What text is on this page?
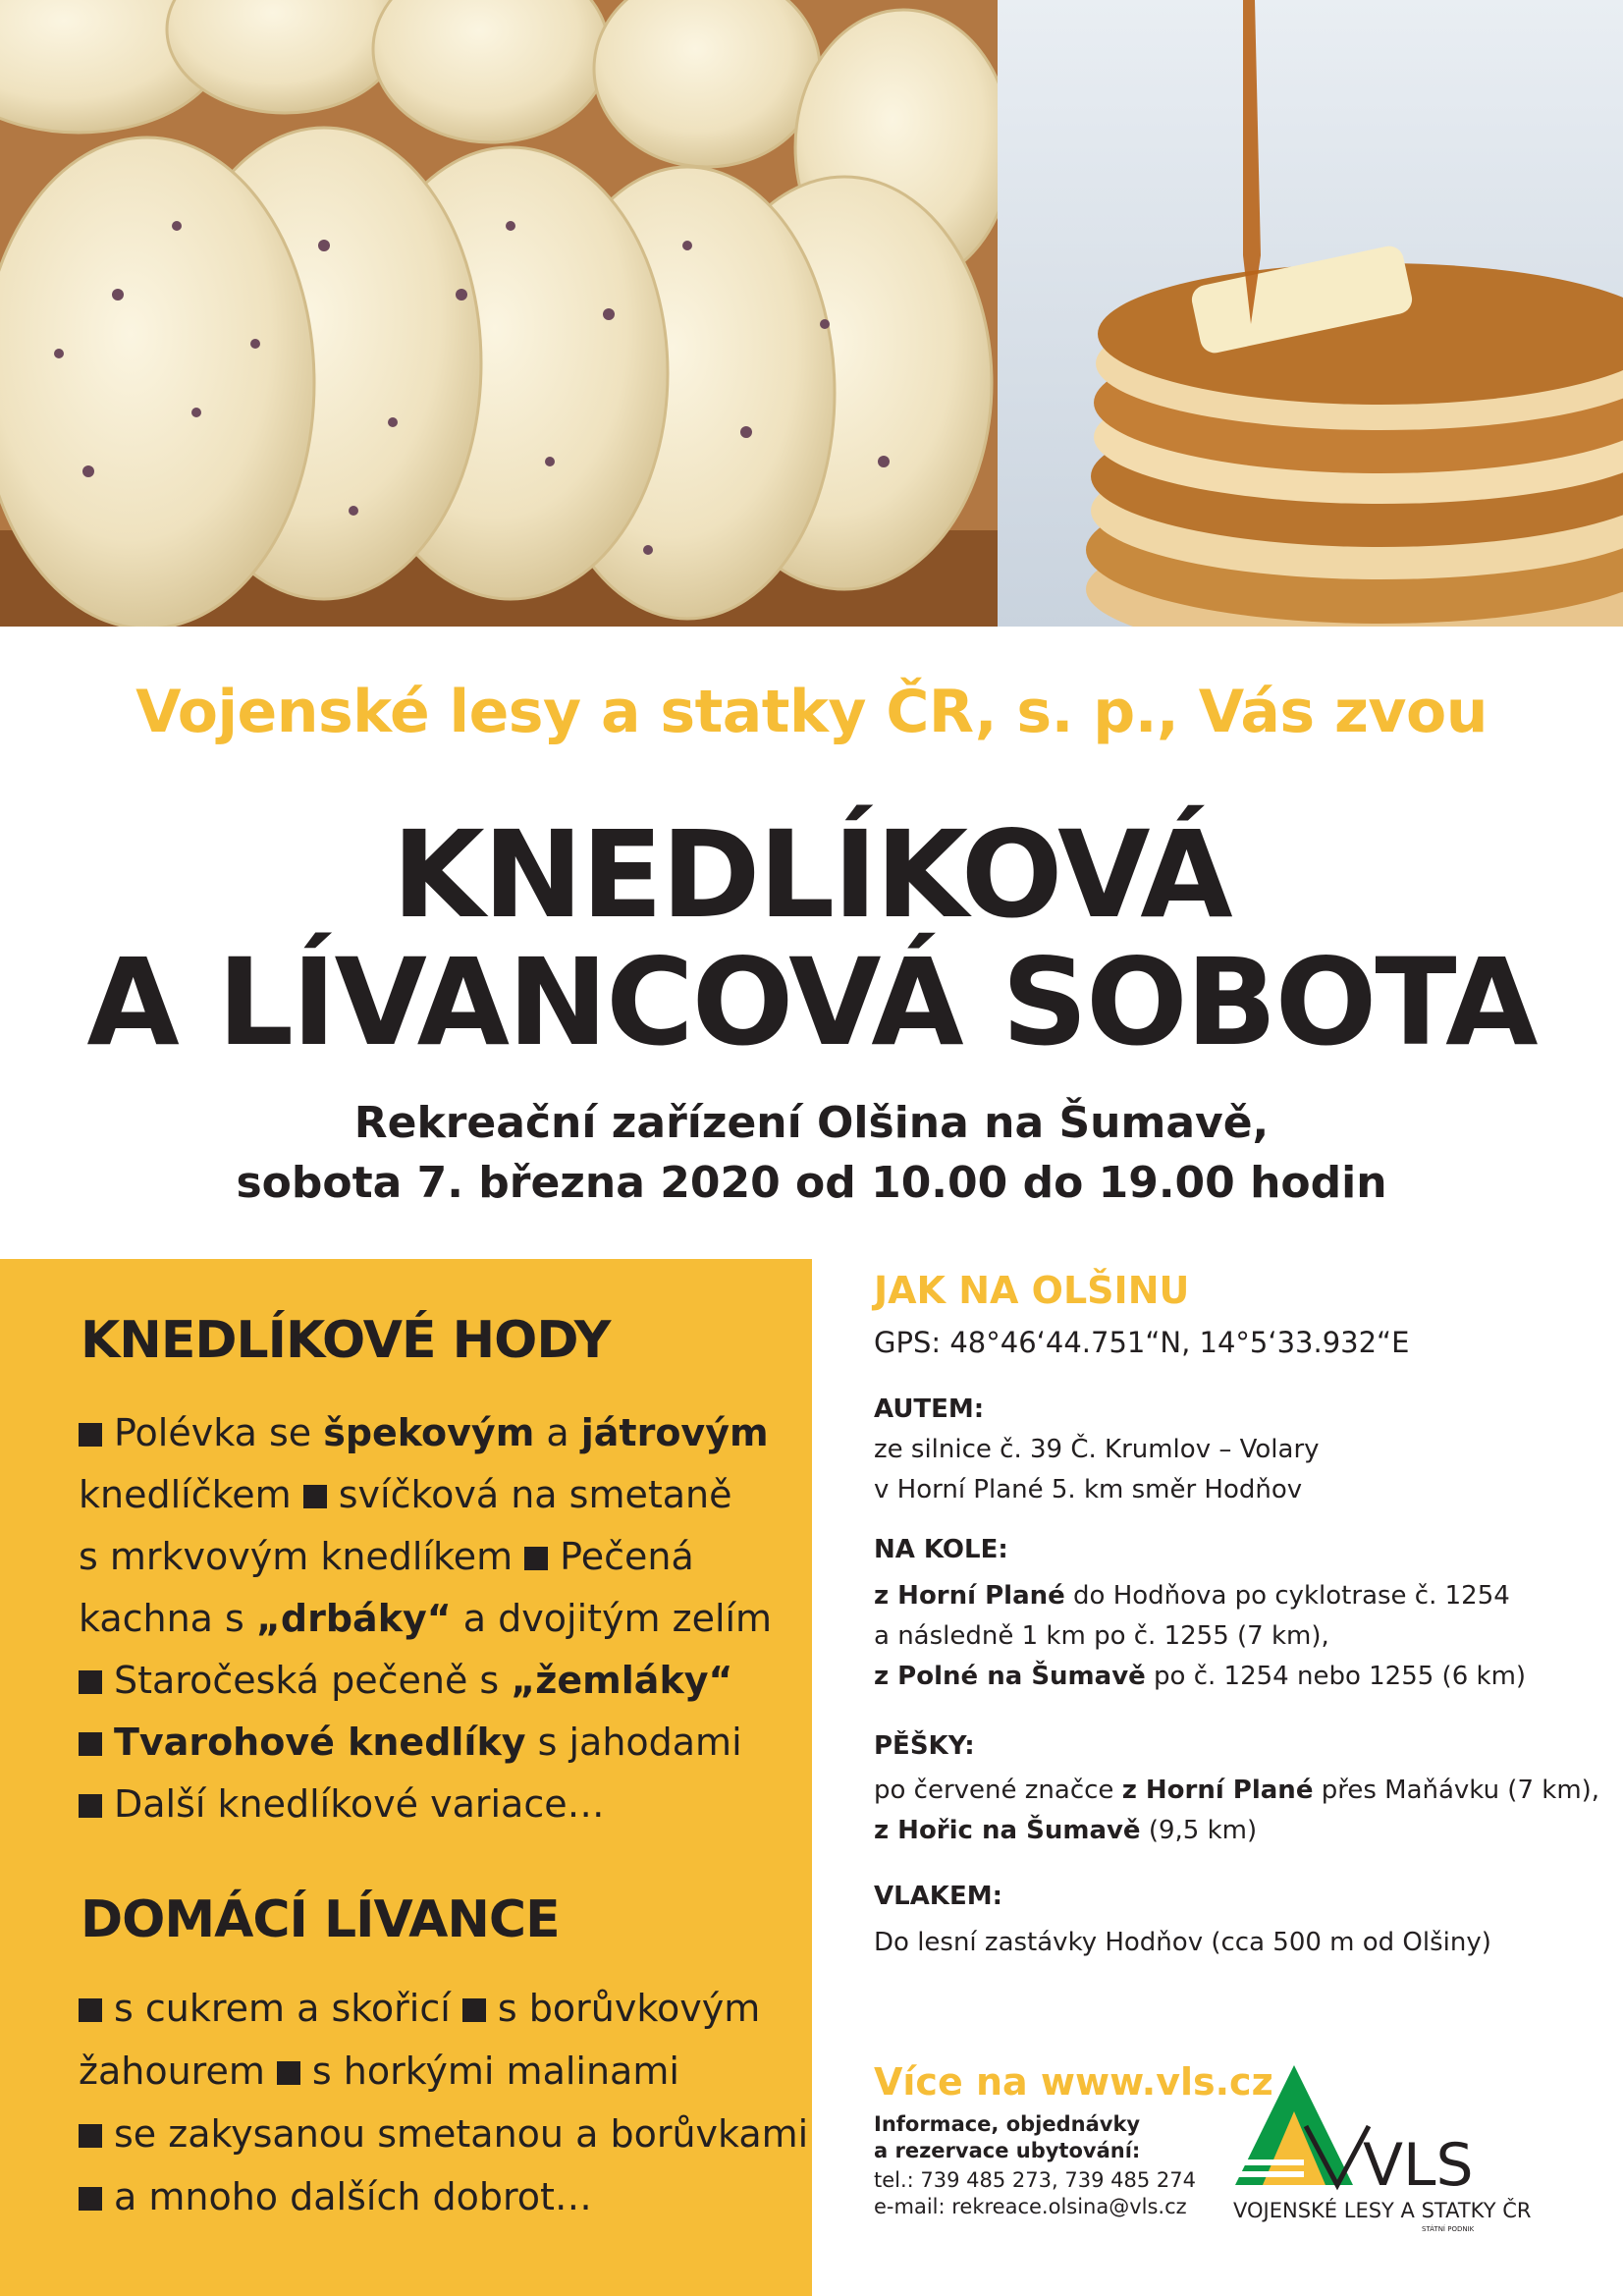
Vojenské lesy a statky ČR, s. p., Vás zvou
KNEDLÍKOVÁ
A LÍVANCOVÁ SOBOTA
Rekreační zařízení Olšina na Šumavě,
sobota 7. března 2020 od 10.00 do 19.00 hodin
KNEDLÍKOVÉ HODY
Polévka se špekovým a játrovým
knedlíčkem svíčková na smetaně
s mrkvovým knedlíkem Pečená
kachna s „drbáky“ a dvojitým zelím
Staročeská pečeně s „žemláky“
Tvarohové knedlíky s jahodami
Další knedlíkové variace…
DOMÁCÍ LÍVANCE
s cukrem a skořicí s borůvkovým
žahourem s horkými malinami
se zakysanou smetanou a borůvkami
a mnoho dalších dobrot…
JAK NA OLŠINU
GPS: 48°46‘44.751“N, 14°5‘33.932“E
AUTEM:
ze silnice č. 39 Č. Krumlov – Volary
v Horní Plané 5. km směr Hodňov
NA KOLE:
z Horní Plané do Hodňova po cyklotrase č. 1254
a následně 1 km po č. 1255 (7 km),
z Polné na Šumavě po č. 1254 nebo 1255 (6 km)
PĚŠKY:
po červené značce z Horní Plané přes Maňávku (7 km),
z Hořic na Šumavě (9,5 km)
VLAKEM:
Do lesní zastávky Hodňov (cca 500 m od Olšiny)
Více na www.vls.cz
Informace, objednávky
a rezervace ubytování:
tel.: 739 485 273, 739 485 274
e-mail: rekreace.olsina@vls.cz
VLS
VOJENSKÉ LESY A STATKY ČR
STÁTNÍ PODNIK
